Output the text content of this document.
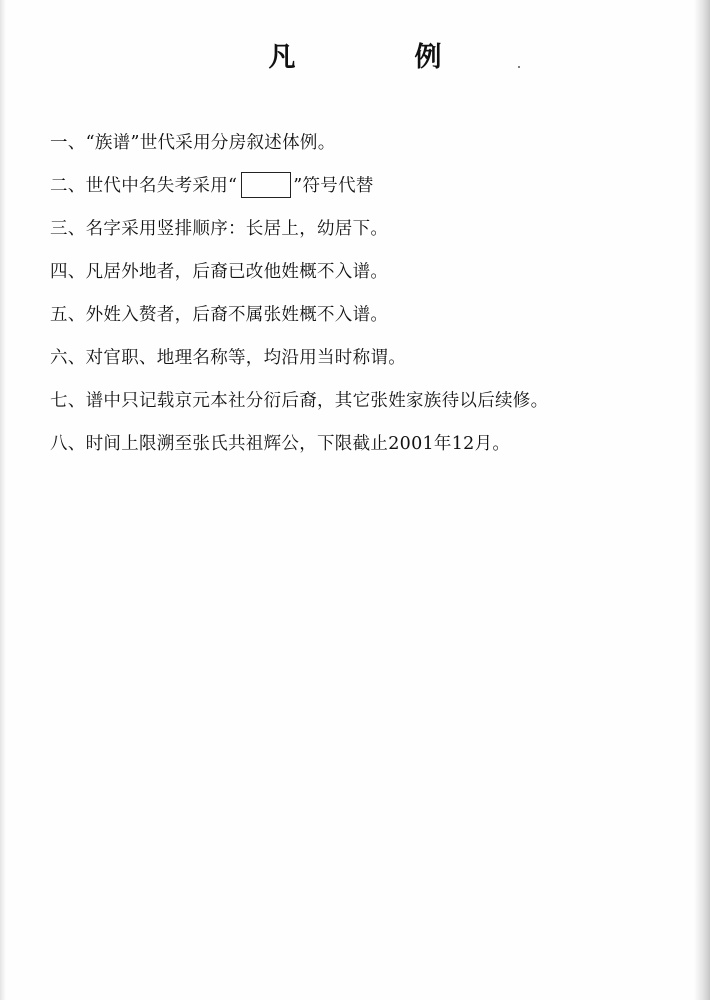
凡　例
一、“族谱”世代采用分房叙述体例。
二、世代中名失考采用“	”符号代替
三、名字采用竖排顺序：长居上，幼居下。
四、凡居外地者，后裔已改他姓概不入谱。
五、外姓入赘者，后裔不属张姓概不入谱。
六、对官职、地理名称等，均沿用当时称谓。
七、谱中只记载京元本社分衍后裔，其它张姓家族待以后续修。
八、时间上限溯至张氏共祖辉公，下限截止2001年12月。
